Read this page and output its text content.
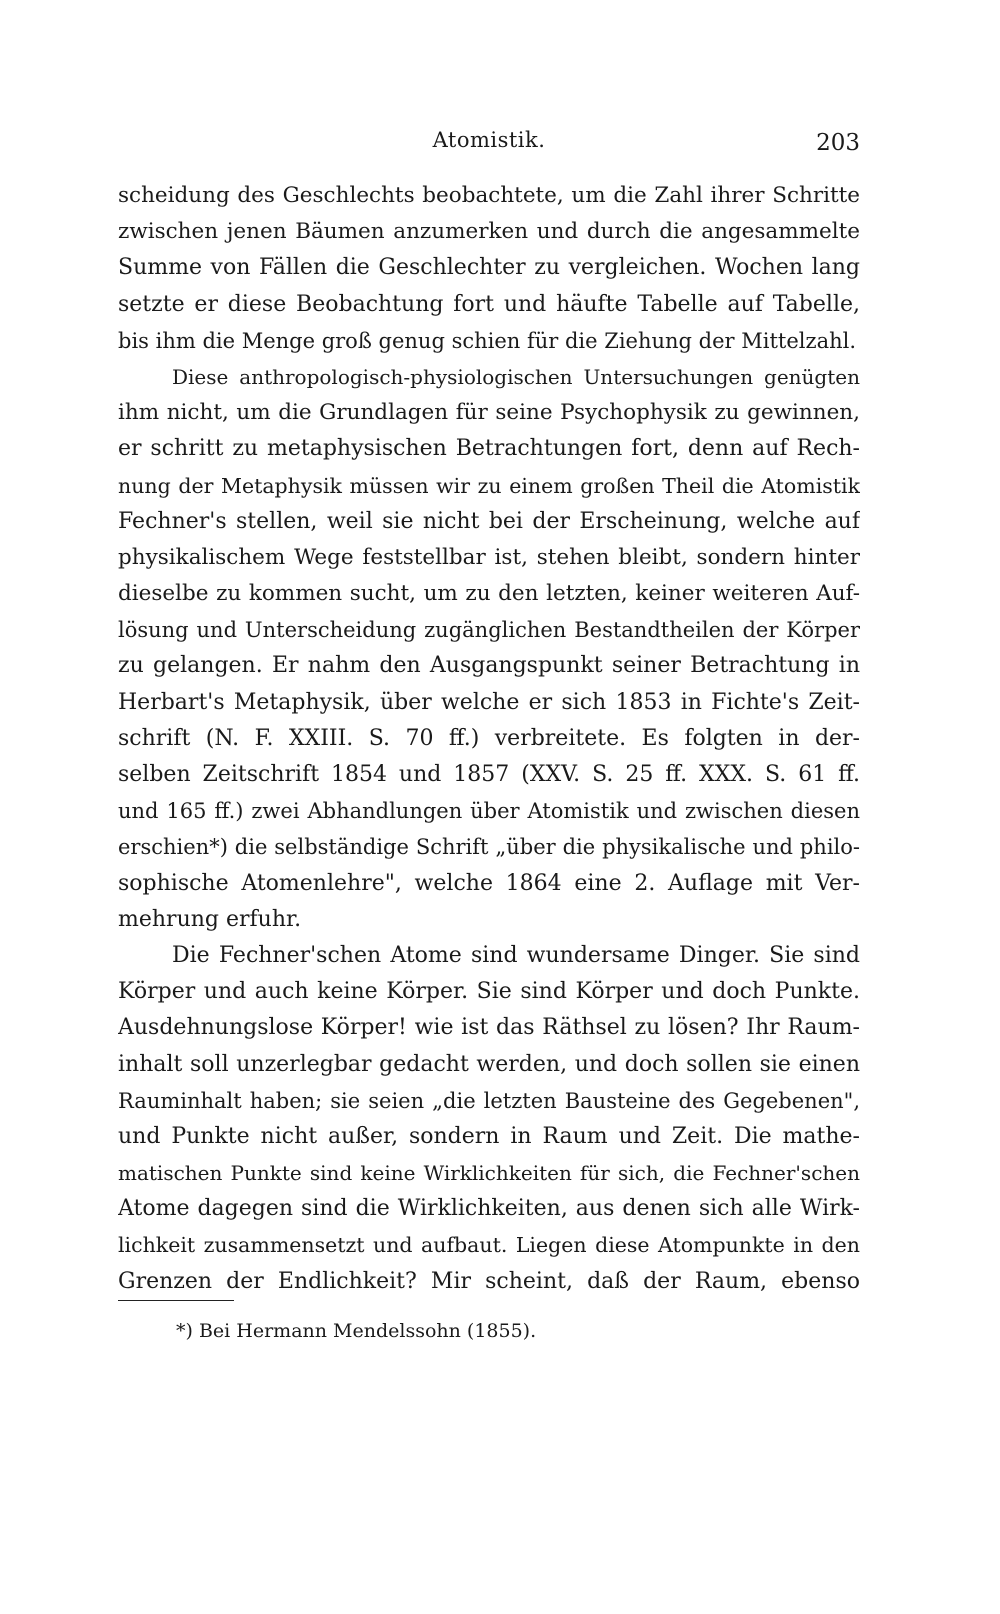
Atomistik.	203
scheidung des Geschlechts beobachtete, um die Zahl ihrer Schritte
zwischen jenen Bäumen anzumerken und durch die angesammelte
Summe von Fällen die Geschlechter zu vergleichen. Wochen lang
setzte er diese Beobachtung fort und häufte Tabelle auf Tabelle,
bis ihm die Menge groß genug schien für die Ziehung der Mittelzahl.
Diese anthropologisch-physiologischen Untersuchungen genügten
ihm nicht, um die Grundlagen für seine Psychophysik zu gewinnen,
er schritt zu metaphysischen Betrachtungen fort, denn auf Rech-
nung der Metaphysik müssen wir zu einem großen Theil die Atomistik
Fechner's stellen, weil sie nicht bei der Erscheinung, welche auf
physikalischem Wege feststellbar ist, stehen bleibt, sondern hinter
dieselbe zu kommen sucht, um zu den letzten, keiner weiteren Auf-
lösung und Unterscheidung zugänglichen Bestandtheilen der Körper
zu gelangen. Er nahm den Ausgangspunkt seiner Betrachtung in
Herbart's Metaphysik, über welche er sich 1853 in Fichte's Zeit-
schrift (N. F. XXIII. S. 70 ff.) verbreitete. Es folgten in der-
selben Zeitschrift 1854 und 1857 (XXV. S. 25 ff. XXX. S. 61 ff.
und 165 ff.) zwei Abhandlungen über Atomistik und zwischen diesen
erschien*) die selbständige Schrift „über die physikalische und philo-
sophische Atomenlehre", welche 1864 eine 2. Auflage mit Ver-
mehrung erfuhr.
Die Fechner'schen Atome sind wundersame Dinger. Sie sind
Körper und auch keine Körper. Sie sind Körper und doch Punkte.
Ausdehnungslose Körper! wie ist das Räthsel zu lösen? Ihr Raum-
inhalt soll unzerlegbar gedacht werden, und doch sollen sie einen
Rauminhalt haben; sie seien „die letzten Bausteine des Gegebenen",
und Punkte nicht außer, sondern in Raum und Zeit. Die mathe-
matischen Punkte sind keine Wirklichkeiten für sich, die Fechner'schen
Atome dagegen sind die Wirklichkeiten, aus denen sich alle Wirk-
lichkeit zusammensetzt und aufbaut. Liegen diese Atompunkte in den
Grenzen der Endlichkeit? Mir scheint, daß der Raum, ebenso
*) Bei Hermann Mendelssohn (1855).
